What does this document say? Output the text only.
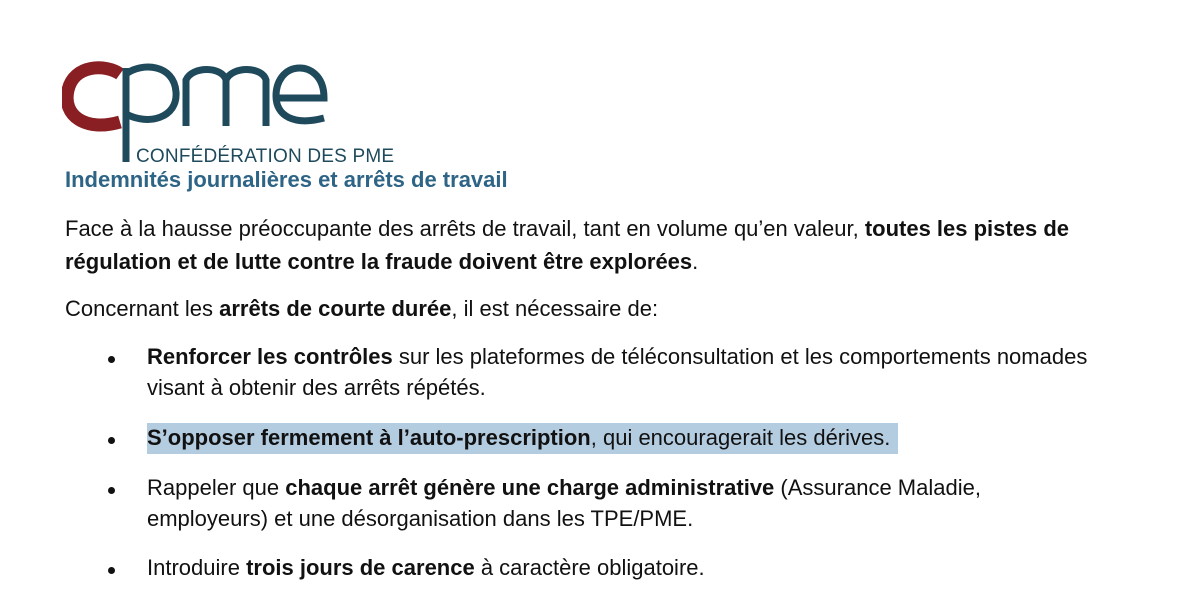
CONFÉDÉRATION DES PME
Indemnités journalières et arrêts de travail
Face à la hausse préoccupante des arrêts de travail, tant en volume qu’en valeur, toutes les pistes de régulation et de lutte contre la fraude doivent être explorées.
Concernant les arrêts de courte durée, il est nécessaire de:
Renforcer les contrôles sur les plateformes de téléconsultation et les comportements nomades visant à obtenir des arrêts répétés.
S’opposer fermement à l’auto-prescription, qui encouragerait les dérives.
Rappeler que chaque arrêt génère une charge administrative (Assurance Maladie, employeurs) et une désorganisation dans les TPE/PME.
Introduire trois jours de carence à caractère obligatoire.
